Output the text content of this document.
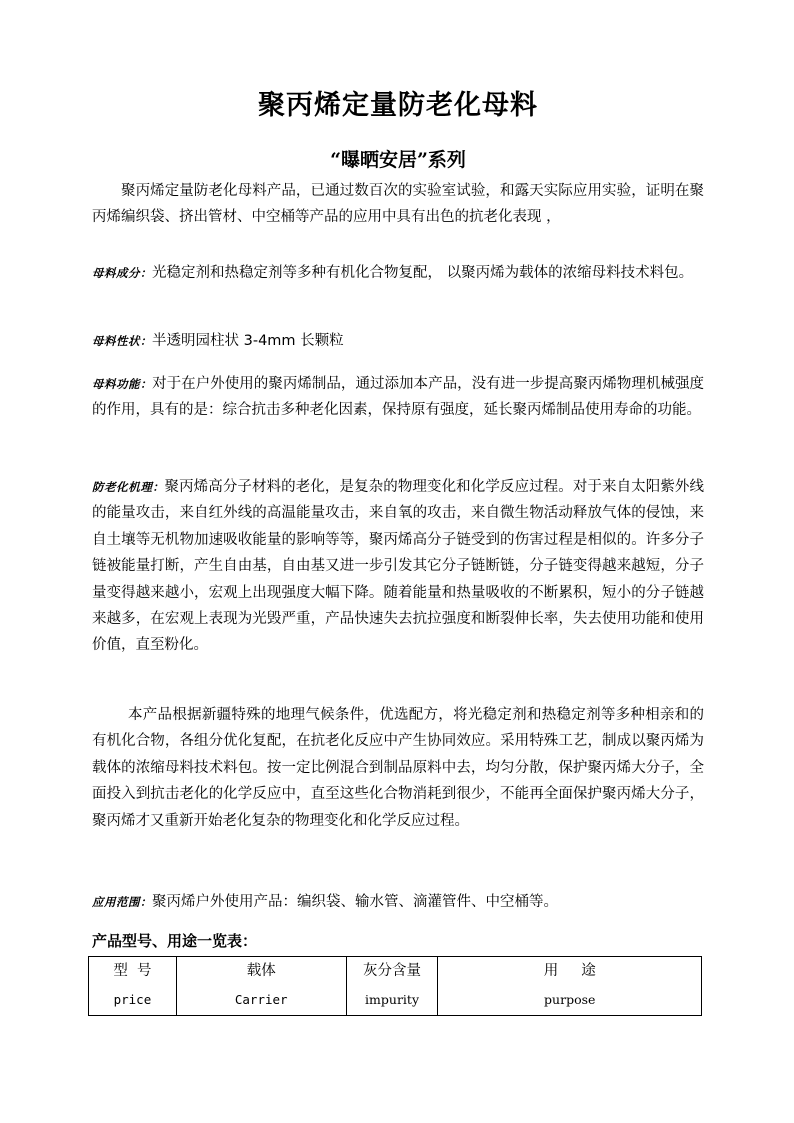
聚丙烯定量防老化母料
“曝晒安居”系列

聚丙烯定量防老化母料产品，已通过数百次的实验室试验，和露天实际应用实验，证明在聚丙烯编织袋、挤出管材、中空桶等产品的应用中具有出色的抗老化表现 ，

母料成分：光稳定剂和热稳定剂等多种有机化合物复配， 以聚丙烯为载体的浓缩母料技术料包。

母料性状：半透明园柱状 3-4mm 长颗粒

母料功能：对于在户外使用的聚丙烯制品，通过添加本产品，没有进一步提高聚丙烯物理机械强度的作用，具有的是：综合抗击多种老化因素，保持原有强度，延长聚丙烯制品使用寿命的功能。

防老化机理：聚丙烯高分子材料的老化，是复杂的物理变化和化学反应过程。对于来自太阳紫外线的能量攻击，来自红外线的高温能量攻击，来自氧的攻击，来自微生物活动释放气体的侵蚀，来自土壤等无机物加速吸收能量的影响等等，聚丙烯高分子链受到的伤害过程是相似的。许多分子链被能量打断，产生自由基，自由基又进一步引发其它分子链断链，分子链变得越来越短，分子量变得越来越小，宏观上出现强度大幅下降。随着能量和热量吸收的不断累积，短小的分子链越来越多，在宏观上表现为光毁严重，产品快速失去抗拉强度和断裂伸长率，失去使用功能和使用价值，直至粉化。

本产品根据新疆特殊的地理气候条件，优选配方，将光稳定剂和热稳定剂等多种相亲和的有机化合物，各组分优化复配，在抗老化反应中产生协同效应。采用特殊工艺，制成以聚丙烯为载体的浓缩母料技术料包。按一定比例混合到制品原料中去，均匀分散，保护聚丙烯大分子，全面投入到抗击老化的化学反应中，直至这些化合物消耗到很少，不能再全面保护聚丙烯大分子，聚丙烯才又重新开始老化复杂的物理变化和化学反应过程。

应用范围：聚丙烯户外使用产品：编织袋、输水管、滴灌管件、中空桶等。

产品型号、用途一览表：
型  号	载体	灰分含量	用     途
price	Carrier	impurity	purpose
